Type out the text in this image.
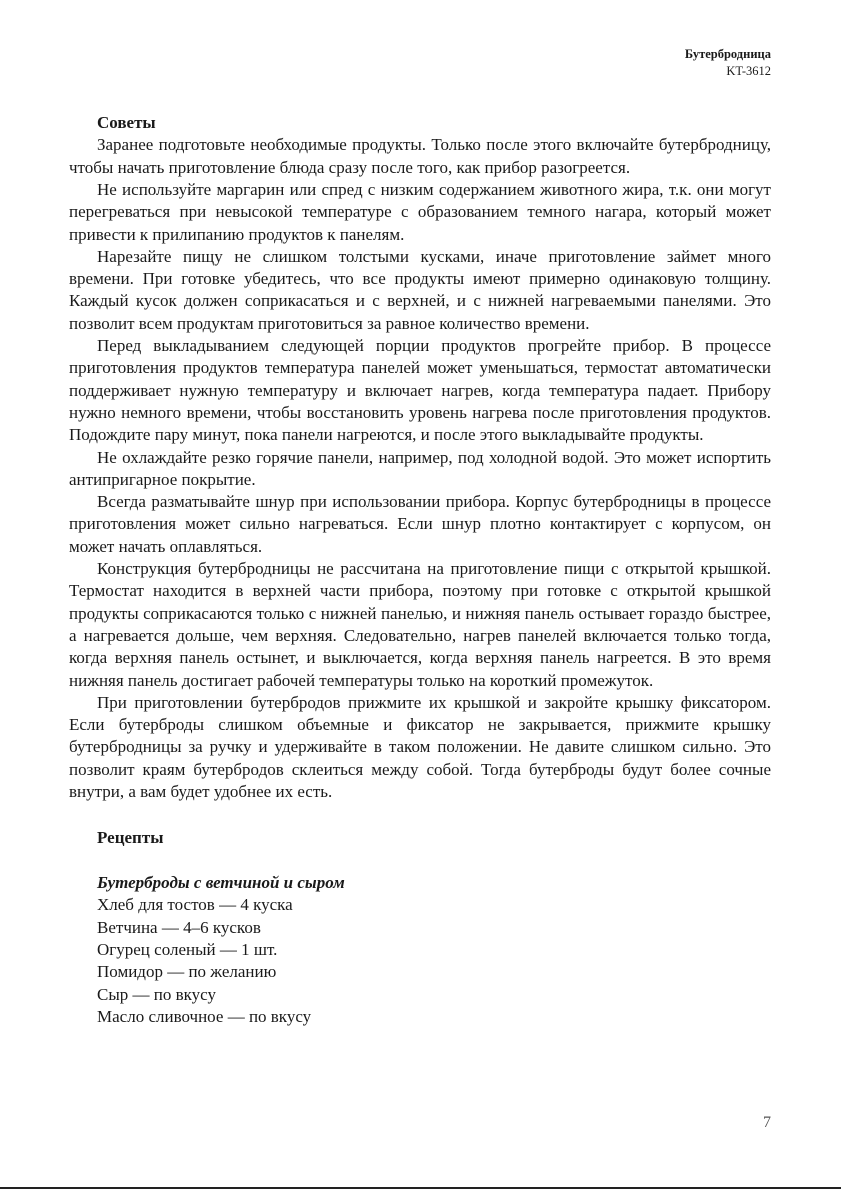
Бутербродница
KT-3612
Советы

Заранее подготовьте необходимые продукты. Только после этого включайте бутербродницу, чтобы начать приготовление блюда сразу после того, как прибор разогреется.

Не используйте маргарин или спред с низким содержанием животного жира, т.к. они могут перегреваться при невысокой температуре с образованием темного нагара, который может привести к прилипанию продуктов к панелям.

Нарезайте пищу не слишком толстыми кусками, иначе приготовление займет много времени. При готовке убедитесь, что все продукты имеют примерно одинаковую толщину. Каждый кусок должен соприкасаться и с верхней, и с нижней нагреваемыми панелями. Это позволит всем продуктам приготовиться за равное количество времени.

Перед выкладыванием следующей порции продуктов прогрейте прибор. В процессе приготовления продуктов температура панелей может уменьшаться, термостат автоматически поддерживает нужную температуру и включает нагрев, когда температура падает. Прибору нужно немного времени, чтобы восстановить уровень нагрева после приготовления продуктов. Подождите пару минут, пока панели нагреются, и после этого выкладывайте продукты.

Не охлаждайте резко горячие панели, например, под холодной водой. Это может испортить антипригарное покрытие.

Всегда разматывайте шнур при использовании прибора. Корпус бутербродницы в процессе приготовления может сильно нагреваться. Если шнур плотно контактирует с корпусом, он может начать оплавляться.

Конструкция бутербродницы не рассчитана на приготовление пищи с открытой крышкой. Термостат находится в верхней части прибора, поэтому при готовке с открытой крышкой продукты соприкасаются только с нижней панелью, и нижняя панель остывает гораздо быстрее, а нагревается дольше, чем верхняя. Следовательно, нагрев панелей включается только тогда, когда верхняя панель остынет, и выключается, когда верхняя панель нагреется. В это время нижняя панель достигает рабочей температуры только на короткий промежуток.

При приготовлении бутербродов прижмите их крышкой и закройте крышку фиксатором. Если бутерброды слишком объемные и фиксатор не закрывается, прижмите крышку бутербродницы за ручку и удерживайте в таком положении. Не давите слишком сильно. Это позволит краям бутербродов склеиться между собой. Тогда бутерброды будут более сочные внутри, а вам будет удобнее их есть.

Рецепты
Бутерброды с ветчиной и сыром
Хлеб для тостов — 4 куска
Ветчина — 4–6 кусков
Огурец соленый — 1 шт.
Помидор — по желанию
Сыр — по вкусу
Масло сливочное — по вкусу
7
